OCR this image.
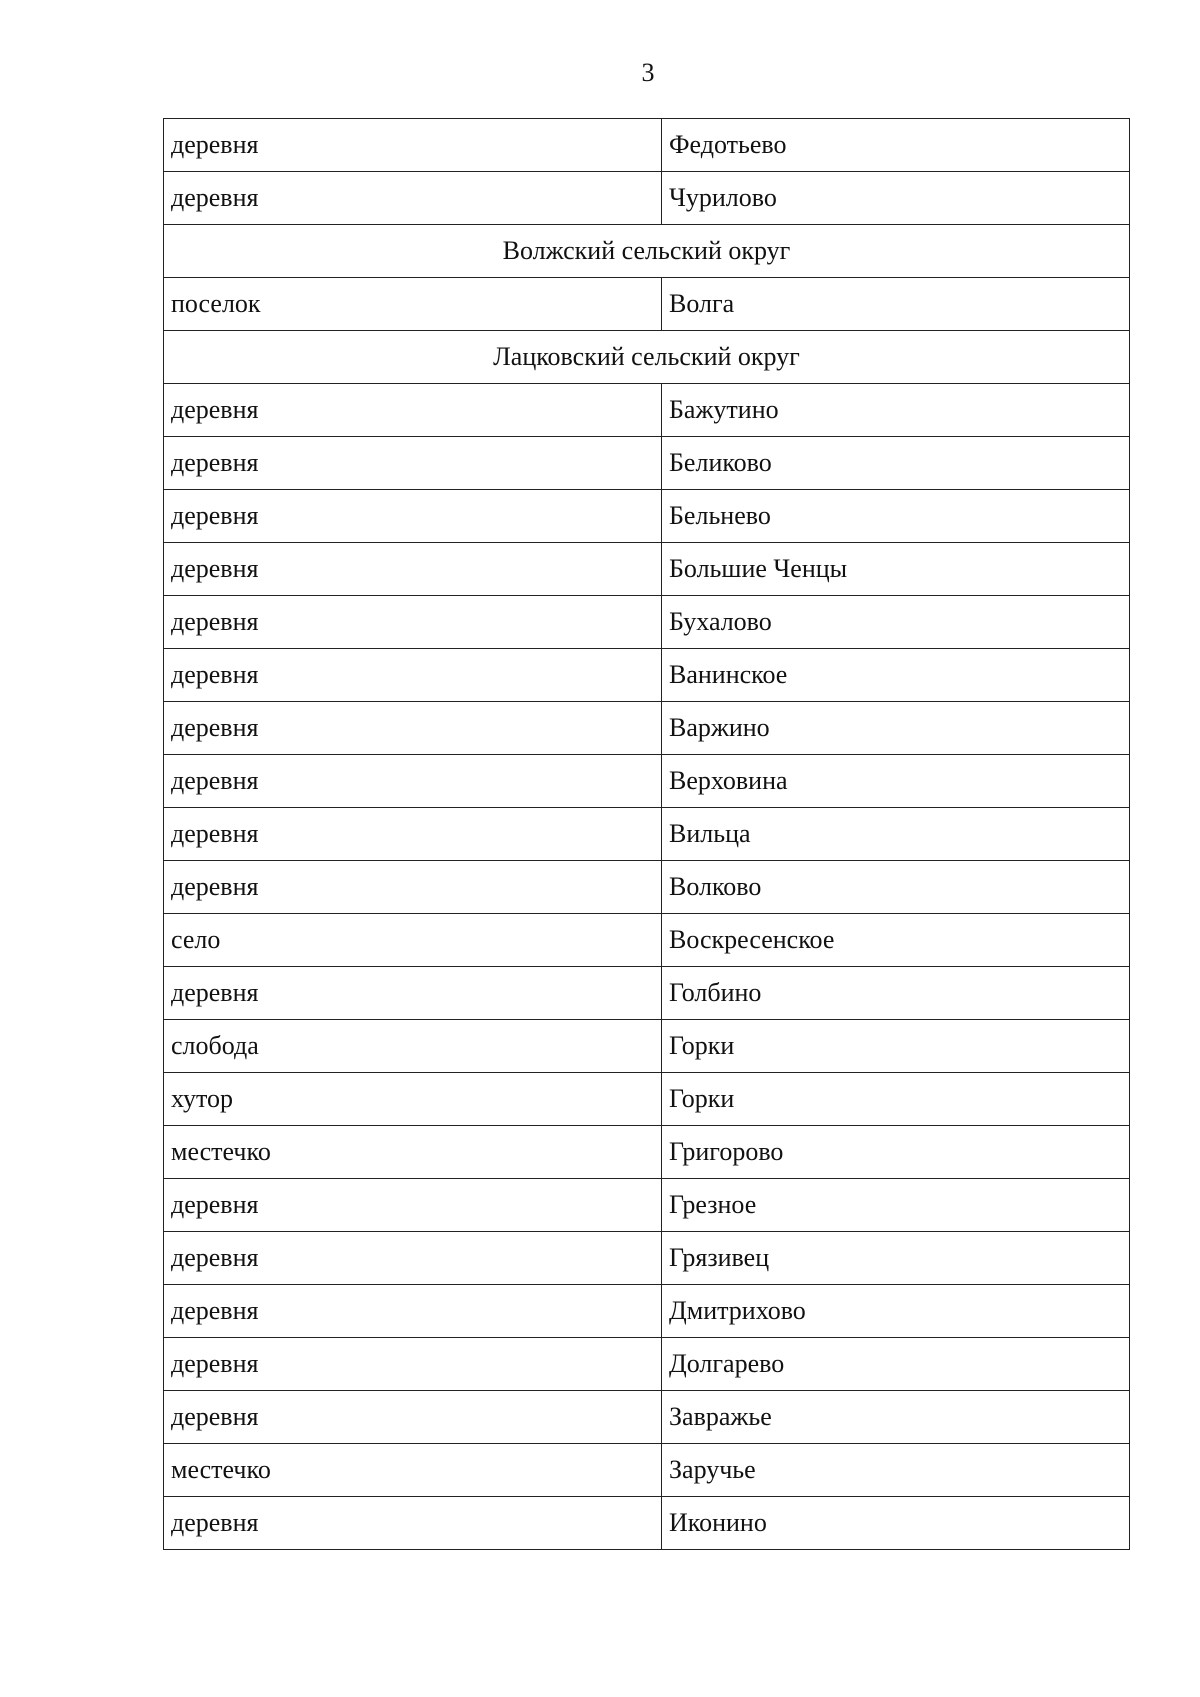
3
деревня	Федотьево
деревня	Чурилово
Волжский сельский округ	
поселок	Волга
Лацковский сельский округ	
деревня	Бажутино
деревня	Беликово
деревня	Бельнево
деревня	Большие Ченцы
деревня	Бухалово
деревня	Ванинское
деревня	Варжино
деревня	Верховина
деревня	Вильца
деревня	Волково
село	Воскресенское
деревня	Голбино
слобода	Горки
хутор	Горки
местечко	Григорово
деревня	Грезное
деревня	Грязивец
деревня	Дмитрихово
деревня	Долгарево
деревня	Завражье
местечко	Заручье
деревня	Иконино
